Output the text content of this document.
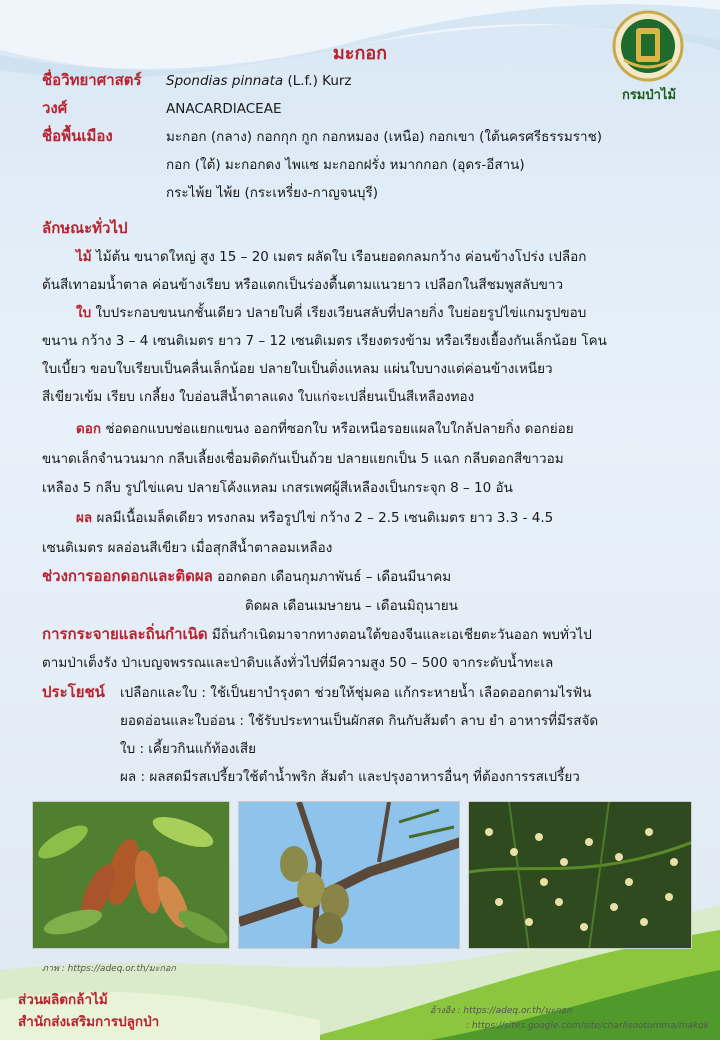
กรมป่าไม้
มะกอก
ชื่อวิทยาศาสตร์ Spondias pinnata (L.f.) Kurz
วงศ์	ANACARDIACEAE
ชื่อพื้นเมือง	มะกอก (กลาง) กอกกุก กูก กอกหมอง (เหนือ) กอกเขา (ใต้นครศรีธรรมราช)
กอก (ใต้) มะกอกดง ไพแซ มะกอกฝรั่ง หมากกอก (อุดร-อีสาน)
กระไพ้ย ไพ้ย (กระเหรี่ยง-กาญจนบุรี)
ลักษณะทั่วไป
ไม้ ไม้ต้น ขนาดใหญ่ สูง 15 – 20 เมตร ผลัดใบ เรือนยอดกลมกว้าง ค่อนข้างโปร่ง เปลือก
ต้นสีเทาอมน้ำตาล ค่อนข้างเรียบ หรือแตกเป็นร่องตื้นตามแนวยาว เปลือกในสีชมพูสลับขาว
ใบ ใบประกอบขนนกชั้นเดียว ปลายใบคี่ เรียงเวียนสลับที่ปลายกิ่ง ใบย่อยรูปไข่แกมรูปขอบ
ขนาน กว้าง 3 – 4 เซนติเมตร ยาว 7 – 12 เซนติเมตร เรียงตรงข้าม หรือเรียงเยื้องกันเล็กน้อย โคน
ใบเบี้ยว ขอบใบเรียบเป็นคลื่นเล็กน้อย ปลายใบเป็นติ่งแหลม แผ่นใบบางแต่ค่อนข้างเหนียว
สีเขียวเข้ม เรียบ เกลี้ยง ใบอ่อนสีน้ำตาลแดง ใบแก่จะเปลี่ยนเป็นสีเหลืองทอง
ดอก ช่อดอกแบบช่อแยกแขนง ออกที่ซอกใบ หรือเหนือรอยแผลใบใกล้ปลายกิ่ง ดอกย่อย
ขนาดเล็กจำนวนมาก กลีบเลี้ยงเชื่อมติดกันเป็นถ้วย ปลายแยกเป็น 5 แฉก กลีบดอกสีขาวอม
เหลือง 5 กลีบ รูปไข่แคบ ปลายโค้งแหลม เกสรเพศผู้สีเหลืองเป็นกระจุก 8 – 10 อัน
ผล ผลมีเนื้อเมล็ดเดียว ทรงกลม หรือรูปไข่ กว้าง 2 – 2.5 เซนติเมตร ยาว 3.3 - 4.5
เซนติเมตร ผลอ่อนสีเขียว เมื่อสุกสีน้ำตาลอมเหลือง
ช่วงการออกดอกและติดผล ออกดอก เดือนกุมภาพันธ์ – เดือนมีนาคม
ติดผล เดือนเมษายน – เดือนมิถุนายน
การกระจายและถิ่นกำเนิด มีถิ่นกำเนิดมาจากทางตอนใต้ของจีนและเอเชียตะวันออก พบทั่วไป
ตามป่าเต็งรัง ป่าเบญจพรรณและป่าดิบแล้งทั่วไปที่มีความสูง 50 – 500 จากระดับน้ำทะเล
ประโยชน์ เปลือกและใบ : ใช้เป็นยาบำรุงตา ช่วยให้ชุ่มคอ แก้กระหายน้ำ เลือดออกตามไรฟัน
ยอดอ่อนและใบอ่อน : ใช้รับประทานเป็นผักสด กินกับส้มตำ ลาบ ยำ อาหารที่มีรสจัด
ใบ : เคี้ยวกินแก้ท้องเสีย
ผล : ผลสดมีรสเปรี้ยวใช้ตำน้ำพริก ส้มตำ และปรุงอาหารอื่นๆ ที่ต้องการรสเปรี้ยว
ภาพ : https://adeq.or.th/มะกอก
อ้างอิง : https://adeq.or.th/มะกอก
: https://sites.google.com/site/charlisootumma/makok
ส่วนผลิตกล้าไม้
สำนักส่งเสริมการปลูกป่า
